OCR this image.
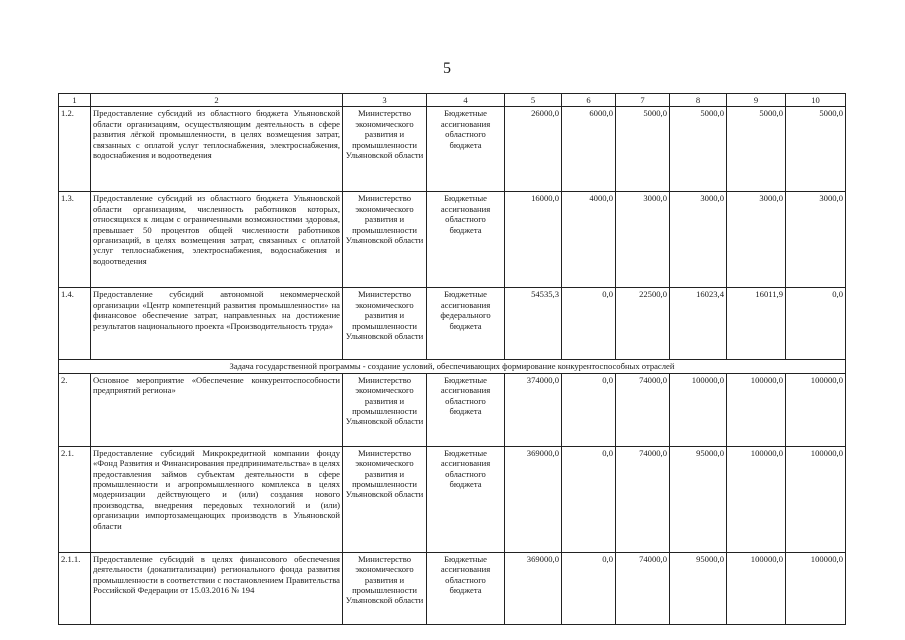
5
1	2	3	4	5	6	7	8	9	10
1.2.	Предоставление субсидий из областного бюджета Ульяновской области организациям, осуществляющим деятельность в сфере развития лёгкой промышленности, в целях возмещения затрат, связанных с оплатой услуг теплоснабжения, электроснабжения, водоснабжения и водоотведения	Министерство экономического развития и промышленности Ульяновской области	Бюджетные ассигнования областного бюджета	26000,0	6000,0	5000,0	5000,0	5000,0	5000,0
1.3.	Предоставление субсидий из областного бюджета Ульяновской области организациям, численность работников которых, относящихся к лицам с ограниченными возможностями здоровья, превышает 50 процентов общей численности работников организаций, в целях возмещения затрат, связанных с оплатой услуг теплоснабжения, электроснабжения, водоснабжения и водоотведения	Министерство экономического развития и промышленности Ульяновской области	Бюджетные ассигнования областного бюджета	16000,0	4000,0	3000,0	3000,0	3000,0	3000,0
1.4.	Предоставление субсидий автономной некоммерческой организации «Центр компетенций развития промышленности» на финансовое обеспечение затрат, направленных на достижение результатов национального проекта «Производительность труда»	Министерство экономического развития и промышленности Ульяновской области	Бюджетные ассигнования федерального бюджета	54535,3	0,0	22500,0	16023,4	16011,9	0,0
Задача государственной программы - создание условий, обеспечивающих формирование конкурентоспособных отраслей									
2.	Основное мероприятие «Обеспечение конкурентоспособности предприятий региона»	Министерство экономического развития и промышленности Ульяновской области	Бюджетные ассигнования областного бюджета	374000,0	0,0	74000,0	100000,0	100000,0	100000,0
2.1.	Предоставление субсидий Микрокредитной компании фонду «Фонд Развития и Финансирования предпринимательства» в целях предоставления займов субъектам деятельности в сфере промышленности и агропромышленного комплекса в целях модернизации действующего и (или) создания нового производства, внедрения передовых технологий и (или) организации импортозамещающих производств в Ульяновской области	Министерство экономического развития и промышленности Ульяновской области	Бюджетные ассигнования областного бюджета	369000,0	0,0	74000,0	95000,0	100000,0	100000,0
2.1.1.	Предоставление субсидий в целях финансового обеспечения деятельности (докапитализации) регионального фонда развития промышленности в соответствии с постановлением Правительства Российской Федерации от 15.03.2016 № 194	Министерство экономического развития и промышленности Ульяновской области	Бюджетные ассигнования областного бюджета	369000,0	0,0	74000,0	95000,0	100000,0	100000,0
